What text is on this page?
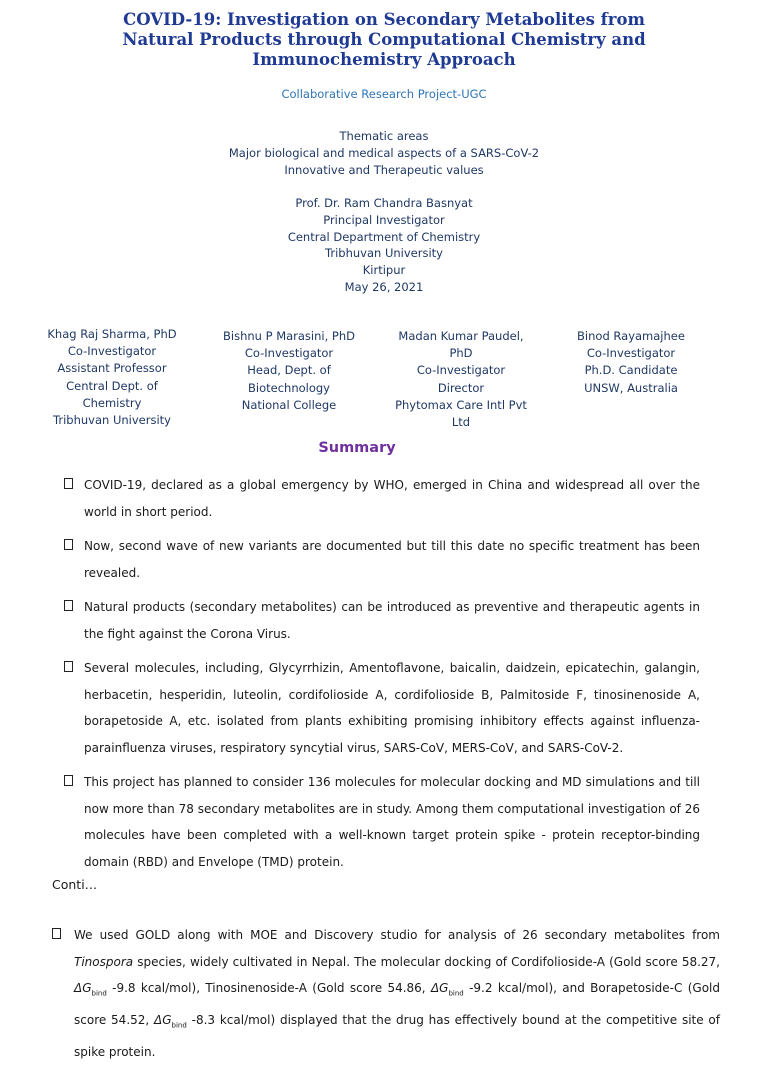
COVID-19: Investigation on Secondary Metabolites from
Natural Products through Computational Chemistry and
Immunochemistry Approach
Collaborative Research Project-UGC
Thematic areas
Major biological and medical aspects of a SARS-CoV-2
Innovative and Therapeutic values
Prof. Dr. Ram Chandra Basnyat
Principal Investigator
Central Department of Chemistry
Tribhuvan University
Kirtipur
May 26, 2021
Khag Raj Sharma, PhD
Co-Investigator
Assistant Professor
Central Dept. of
Chemistry
Tribhuvan University
Bishnu P Marasini, PhD
Co-Investigator
Head, Dept. of
Biotechnology
National College
Madan Kumar Paudel,
PhD
Co-Investigator
Director
Phytomax Care Intl Pvt
Ltd
Binod Rayamajhee
Co-Investigator
Ph.D. Candidate
UNSW, Australia
Summary
COVID-19, declared as a global emergency by WHO, emerged in China and widespread all over the world in short period.
Now, second wave of new variants are documented but till this date no specific treatment has been revealed.
Natural products (secondary metabolites) can be introduced as preventive and therapeutic agents in the fight against the Corona Virus.
Several molecules, including, Glycyrrhizin, Amentoflavone, baicalin, daidzein, epicatechin, galangin, herbacetin, hesperidin, luteolin, cordifolioside A, cordifolioside B, Palmitoside F, tinosinenoside A, borapetoside A, etc. isolated from plants exhibiting promising inhibitory effects against influenza-parainfluenza viruses, respiratory syncytial virus, SARS-CoV, MERS-CoV, and SARS-CoV-2.
This project has planned to consider 136 molecules for molecular docking and MD simulations and till now more than 78 secondary metabolites are in study. Among them computational investigation of 26 molecules have been completed with a well-known target protein spike - protein receptor-binding domain (RBD) and Envelope (TMD) protein.
Conti…
We used GOLD along with MOE and Discovery studio for analysis of 26 secondary metabolites from Tinospora species, widely cultivated in Nepal. The molecular docking of Cordifolioside-A (Gold score 58.27, $\Delta G_{bind}$ -9.8 kcal/mol), Tinosinenoside-A (Gold score 54.86, $\Delta G_{bind}$ -9.2 kcal/mol), and Borapetoside-C (Gold score 54.52, $\Delta G_{bind}$ -8.3 kcal/mol) displayed that the drug has effectively bound at the competitive site of spike protein.
